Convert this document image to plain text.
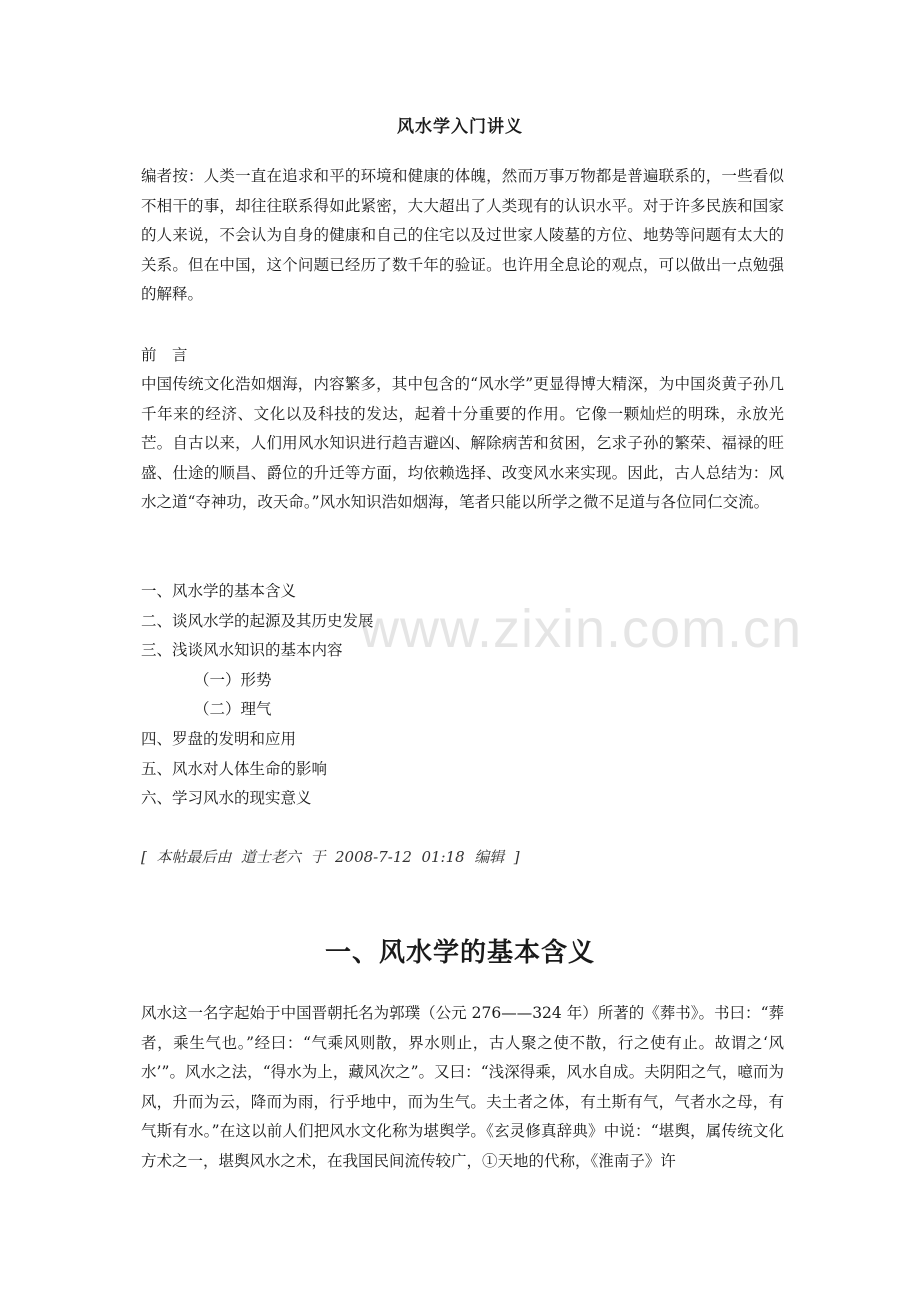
风水学入门讲义

编者按：人类一直在追求和平的环境和健康的体魄，然而万事万物都是普遍联系的，一些看似不相干的事，却往往联系得如此紧密，大大超出了人类现有的认识水平。对于许多民族和国家的人来说，不会认为自身的健康和自己的住宅以及过世家人陵墓的方位、地势等问题有太大的关系。但在中国，这个问题已经历了数千年的验证。也许用全息论的观点，可以做出一点勉强的解释。

前　言

中国传统文化浩如烟海，内容繁多，其中包含的“风水学”更显得博大精深，为中国炎黄子孙几千年来的经济、文化以及科技的发达，起着十分重要的作用。它像一颗灿烂的明珠，永放光芒。自古以来，人们用风水知识进行趋吉避凶、解除病苦和贫困，乞求子孙的繁荣、福禄的旺盛、仕途的顺昌、爵位的升迁等方面，均依赖选择、改变风水来实现。因此，古人总结为：风水之道“夺神功，改天命。”风水知识浩如烟海，笔者只能以所学之微不足道与各位同仁交流。

一、风水学的基本含义
二、谈风水学的起源及其历史发展
三、浅谈风水知识的基本内容
（一）形势
（二）理气
四、罗盘的发明和应用
五、风水对人体生命的影响
六、学习风水的现实意义
[  本帖最后由  道士老六  于  2008-7-12  01:18  编辑  ]
一、风水学的基本含义

风水这一名字起始于中国晋朝托名为郭璞（公元 276——324 年）所著的《葬书》。书曰：“葬者，乘生气也。”经曰：“气乘风则散，界水则止，古人聚之使不散，行之使有止。故谓之‘风水’”。风水之法，“得水为上，藏风次之”。又曰：“浅深得乘，风水自成。夫阴阳之气，噫而为风，升而为云，降而为雨，行乎地中，而为生气。夫土者之体，有土斯有气，气者水之母，有气斯有水。”在这以前人们把风水文化称为堪舆学。《玄灵修真辞典》中说：“堪舆，属传统文化方术之一，堪舆风水之术，在我国民间流传较广，①天地的代称，《淮南子》许

www.zixin.com.cn
